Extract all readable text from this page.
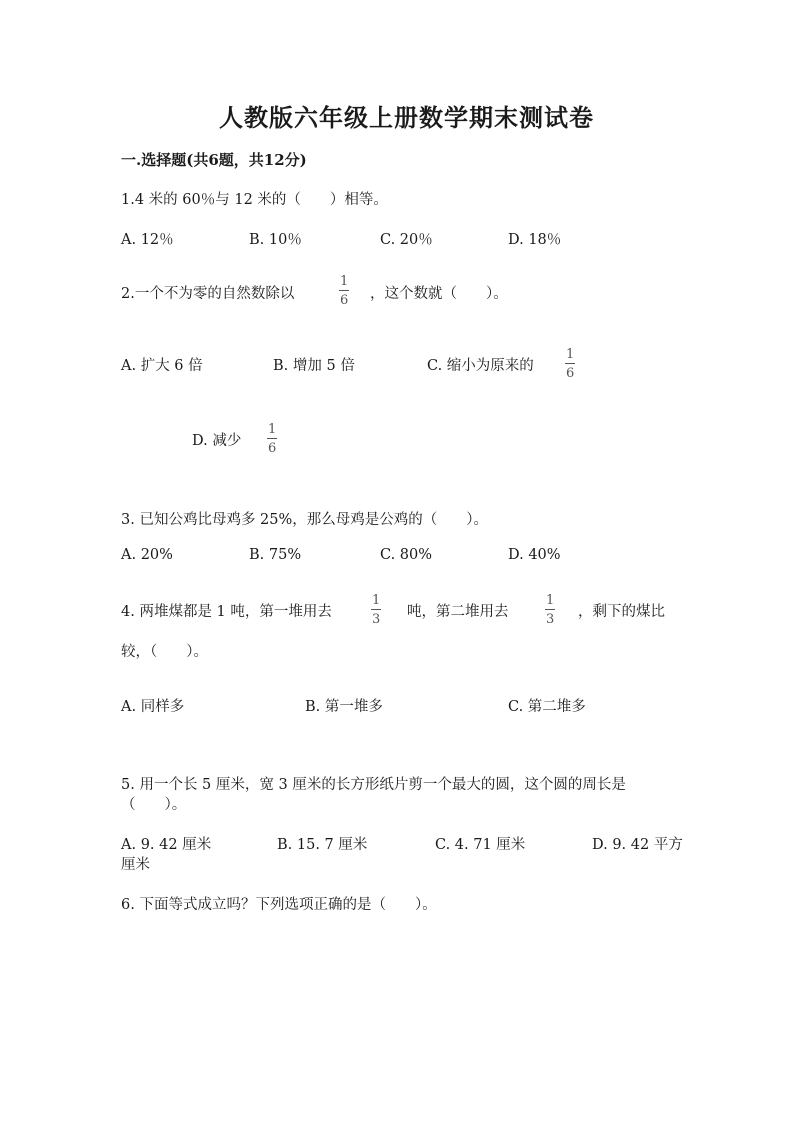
人教版六年级上册数学期末测试卷
一.选择题(共6题，共12分)
1.4 米的 60％与 12 米的（　　）相等。
A. 12％	B. 10％	C. 20％	D. 18％
2.一个不为零的自然数除以
1
6 ，这个数就（　　）。
A. 扩大 6 倍	B. 增加 5 倍	C. 缩小为原来的
1
6
D. 减少
1
6
3. 已知公鸡比母鸡多 25%，那么母鸡是公鸡的（　　）。
A. 20%	B. 75%	C. 80%	D. 40%
4. 两堆煤都是 1 吨，第一堆用去
1
3 吨，第二堆用去
1
3 ，剩下的煤比
较，（　　）。
A. 同样多	B. 第一堆多	C. 第二堆多
5. 用一个长 5 厘米，宽 3 厘米的长方形纸片剪一个最大的圆，这个圆的周长是
（　　）。
A. 9. 42 厘米	B. 15. 7 厘米	C. 4. 71 厘米	D. 9. 42 平方
厘米
6. 下面等式成立吗？下列选项正确的是（　　）。
